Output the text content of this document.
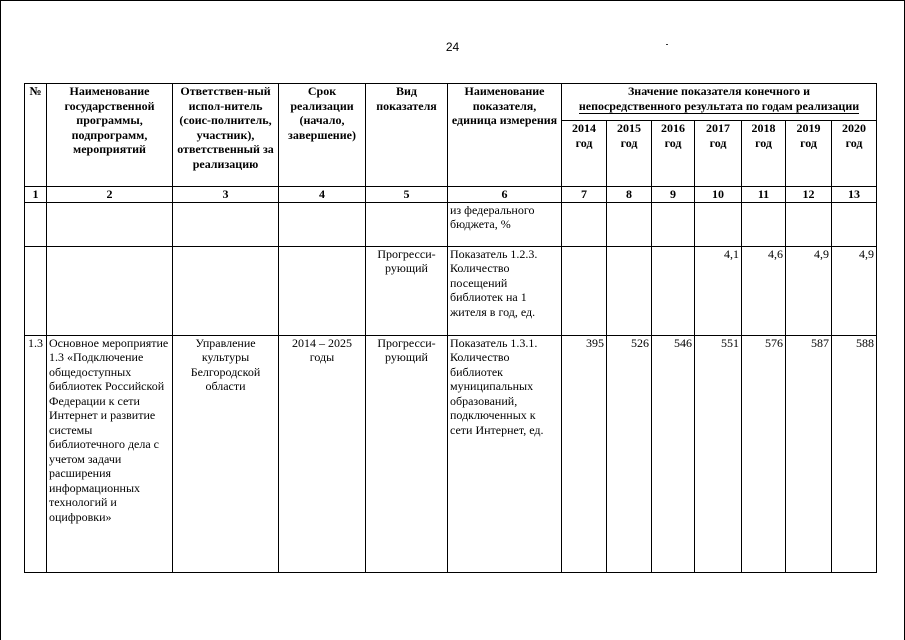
24
№	Наименование государственной программы, подпрограмм, мероприятий	Ответствен-ный испол-нитель (соис-полнитель, участник), ответственный за реализацию	Срок реализации (начало, завершение)	Вид показателя	Наименование показателя, единица измерения	Значение показателя конечного и
непосредственного результата по годам реализации						
						2014 год	2015 год	2016 год	2017 год	2018 год	2019 год	2020 год
1	2	3	4	5	6	7	8	9	10	11	12	13
					из федерального бюджета, %							
				Прогресси-рующий	Показатель 1.2.3. Количество посещений библиотек на 1 жителя в год, ед.				4,1	4,6	4,9	4,9
1.3	Основное мероприятие 1.3 «Подключение общедоступных библиотек Российской Федерации к сети Интернет и развитие системы библиотечного дела с учетом задачи расширения информационных технологий и оцифровки»	Управление культуры Белгородской области	2014 – 2025 годы	Прогресси-рующий	Показатель 1.3.1. Количество библиотек муниципальных образований, подключенных к сети Интернет, ед.	395	526	546	551	576	587	588
